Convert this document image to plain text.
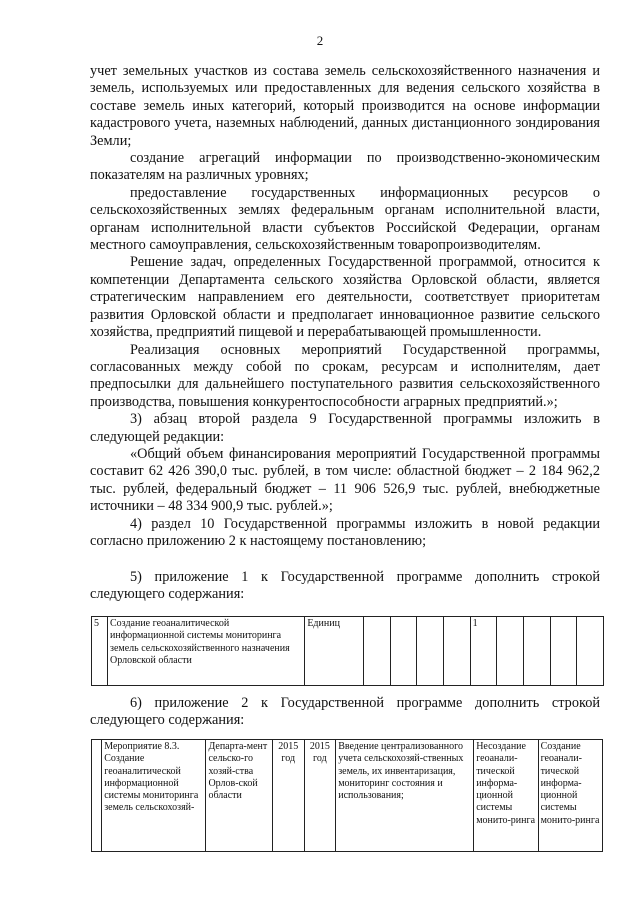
2

учет земельных участков из состава земель сельскохозяйственного назначения и земель, используемых или предоставленных для ведения сельского хозяйства в составе земель иных категорий, который производится на основе информации кадастрового учета, наземных наблюдений, данных дистанционного зондирования Земли;

создание агрегаций информации по производственно-экономическим показателям на различных уровнях;

предоставление государственных информационных ресурсов о сельскохозяйственных землях федеральным органам исполнительной власти, органам исполнительной власти субъектов Российской Федерации, органам местного самоуправления, сельскохозяйственным товаропроизводителям.

Решение задач, определенных Государственной программой, относится к компетенции Департамента сельского хозяйства Орловской области, является стратегическим направлением его деятельности, соответствует приоритетам развития Орловской области и предполагает инновационное развитие сельского хозяйства, предприятий пищевой и перерабатывающей промышленности.

Реализация основных мероприятий Государственной программы, согласованных между собой по срокам, ресурсам и исполнителям, дает предпосылки для дальнейшего поступательного развития сельскохозяйственного производства, повышения конкурентоспособности аграрных предприятий.»;

3) абзац второй раздела 9 Государственной программы изложить в следующей редакции:

«Общий объем финансирования мероприятий Государственной программы составит 62 426 390,0 тыс. рублей, в том числе: областной бюджет – 2 184 962,2 тыс. рублей, федеральный бюджет – 11 906 526,9 тыс. рублей, внебюджетные источники – 48 334 900,9 тыс. рублей.»;

4) раздел 10 Государственной программы изложить в новой редакции согласно приложению 2 к настоящему постановлению;

5) приложение 1 к Государственной программе дополнить строкой следующего содержания:

5	Создание геоаналитической информационной системы мониторинга земель сельскохозяйственного назначения Орловской области	Единиц					1				

6) приложение 2 к Государственной программе дополнить строкой следующего содержания:

	Мероприятие 8.3. Создание геоаналитической информационной системы мониторинга земель сельскохозяй-	Департа-мент сельско-го хозяй-ства Орлов-ской области	2015 год	2015 год	Введение централизованного учета сельскохозяй-ственных земель, их инвентаризация, мониторинг состояния и использования;	Несоздание геоанали-тической информа-ционной системы монито-ринга	Создание геоанали-тической информа-ционной системы монито-ринга
